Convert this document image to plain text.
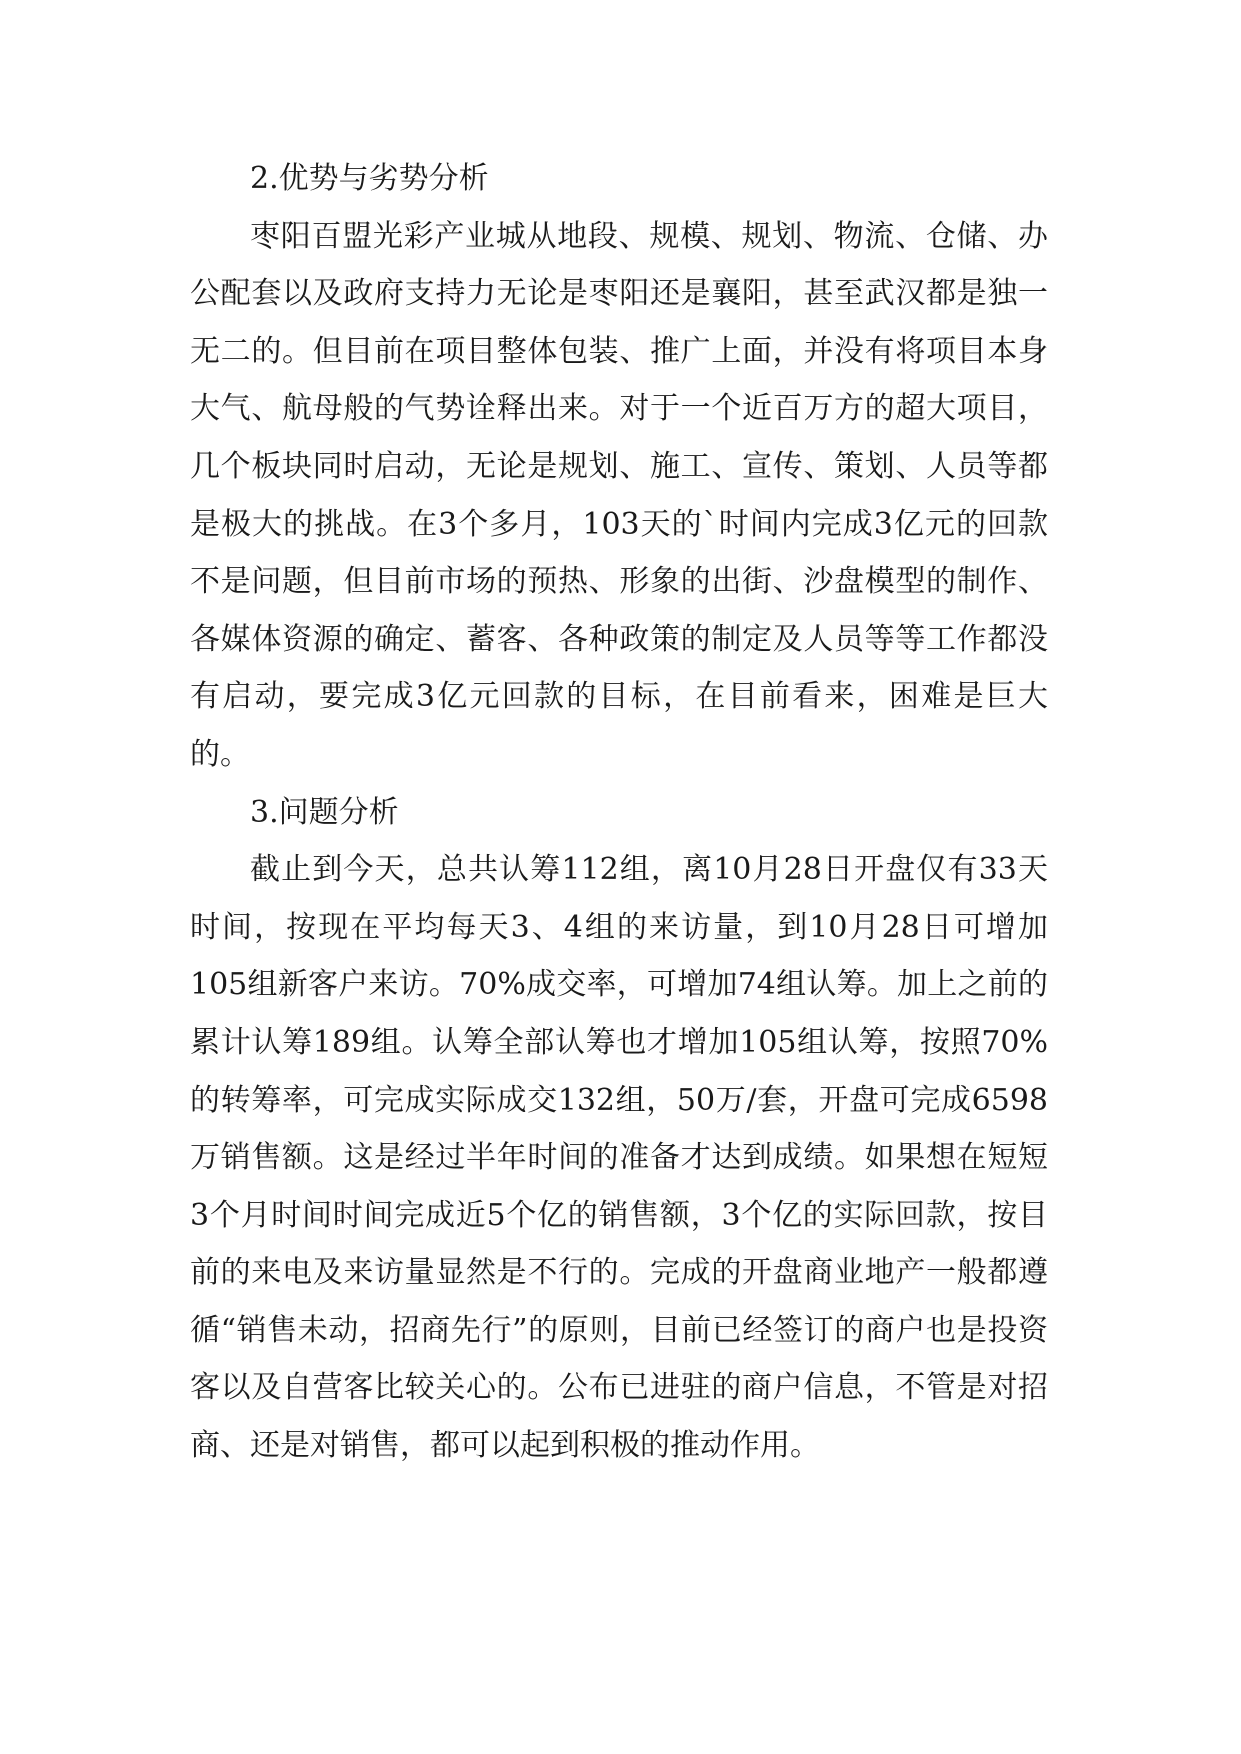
2.优势与劣势分析

枣阳百盟光彩产业城从地段、规模、规划、物流、仓储、办公配套以及政府支持力无论是枣阳还是襄阳，甚至武汉都是独一无二的。但目前在项目整体包装、推广上面，并没有将项目本身大气、航母般的气势诠释出来。对于一个近百万方的超大项目，几个板块同时启动，无论是规划、施工、宣传、策划、人员等都是极大的挑战。在3个多月，103天的`时间内完成3亿元的回款不是问题，但目前市场的预热、形象的出街、沙盘模型的制作、各媒体资源的确定、蓄客、各种政策的制定及人员等等工作都没有启动，要完成3亿元回款的目标，在目前看来，困难是巨大的。

3.问题分析

截止到今天，总共认筹112组，离10月28日开盘仅有33天时间，按现在平均每天3、4组的来访量，到10月28日可增加105组新客户来访。70%成交率，可增加74组认筹。加上之前的累计认筹189组。认筹全部认筹也才增加105组认筹，按照70%的转筹率，可完成实际成交132组，50万/套，开盘可完成6598万销售额。这是经过半年时间的准备才达到成绩。如果想在短短3个月时间时间完成近5个亿的销售额，3个亿的实际回款，按目前的来电及来访量显然是不行的。完成的开盘商业地产一般都遵循“销售未动，招商先行”的原则，目前已经签订的商户也是投资客以及自营客比较关心的。公布已进驻的商户信息，不管是对招商、还是对销售，都可以起到积极的推动作用。
